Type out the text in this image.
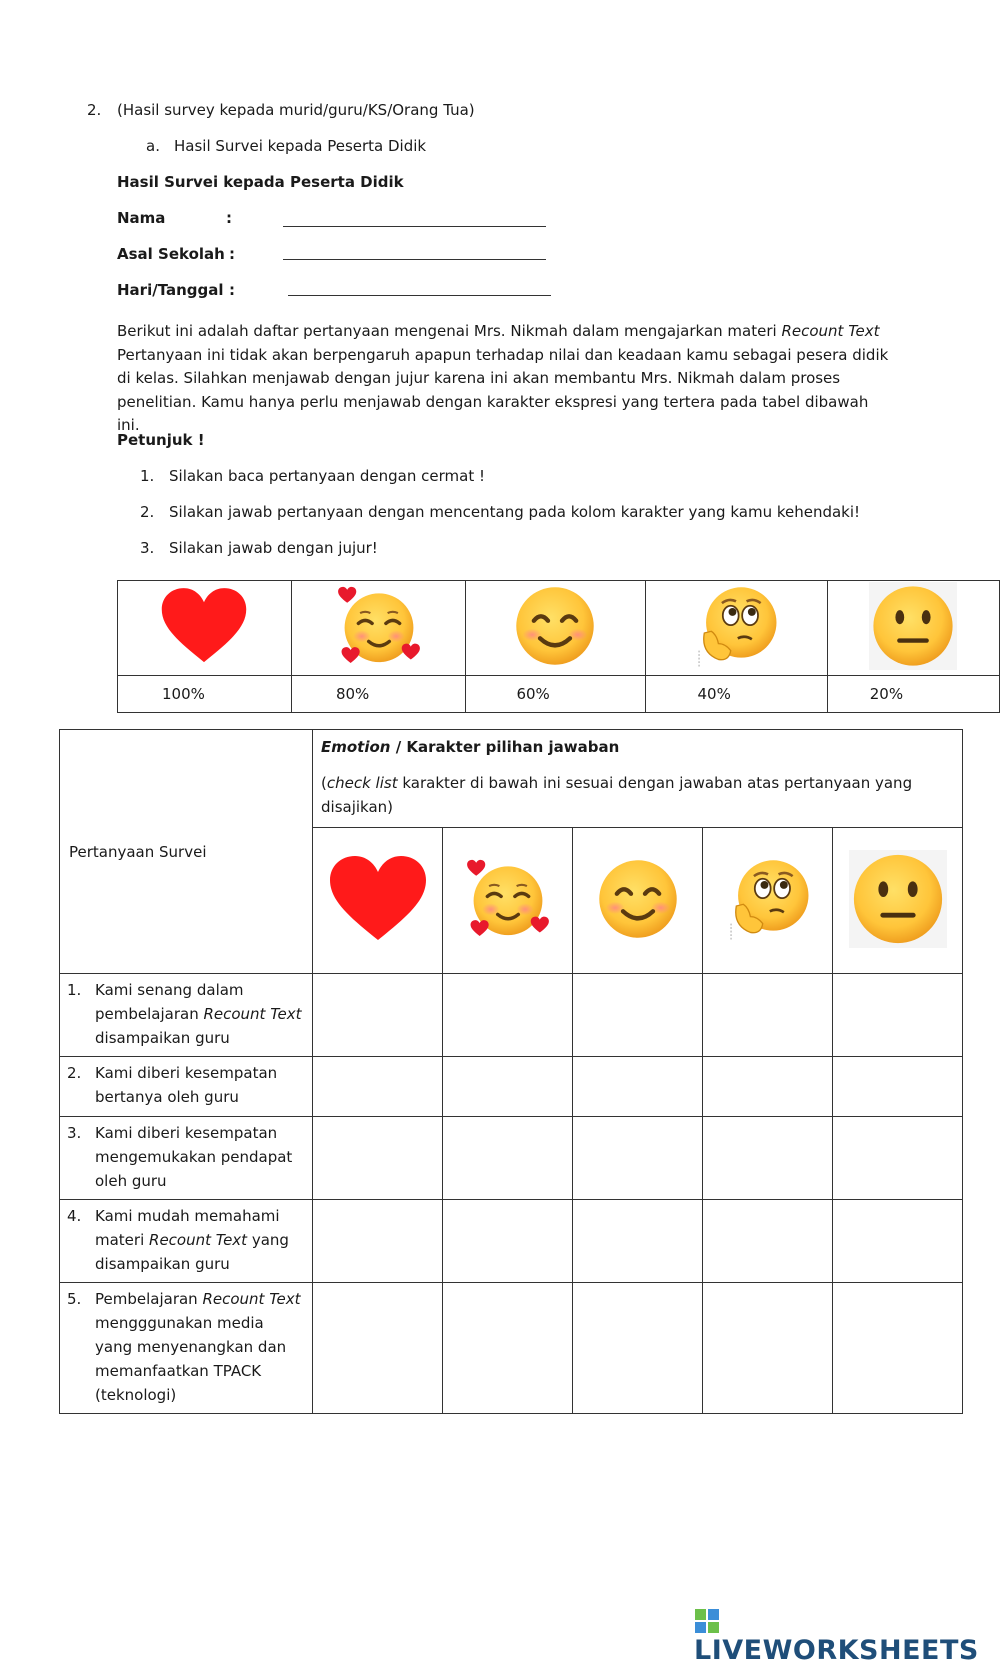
2. (Hasil survey kepada murid/guru/KS/Orang Tua)
a. Hasil Survei kepada Peserta Didik
Hasil Survei kepada Peserta Didik
Nama	:
Asal Sekolah :
Hari/Tanggal :
Berikut ini adalah daftar pertanyaan mengenai Mrs. Nikmah dalam mengajarkan materi Recount Text
Pertanyaan ini tidak akan berpengaruh apapun terhadap nilai dan keadaan kamu sebagai pesera didik di kelas. Silahkan menjawab dengan jujur karena ini akan membantu Mrs. Nikmah dalam proses penelitian. Kamu hanya perlu menjawab dengan karakter ekspresi yang tertera pada tabel dibawah ini.
Petunjuk !
1. Silakan baca pertanyaan dengan cermat !
2. Silakan jawab pertanyaan dengan mencentang pada kolom karakter yang kamu kehendaki!
3. Silakan jawab dengan jujur!

100%	80%	60%	40%	20%
Pertanyaan Survei	Emotion / Karakter pilihan jawaban
(check list karakter di bawah ini sesuai dengan jawaban atas pertanyaan yang disajikan)				

1. Kami senang dalam pembelajaran Recount Text disampaikan guru					

2. Kami diberi kesempatan bertanya oleh guru					

3. Kami diberi kesempatan mengemukakan pendapat oleh guru					

4. Kami mudah memahami materi Recount Text yang disampaikan guru					

5. Pembelajaran Recount Text mengggunakan media yang menyenangkan dan memanfaatkan TPACK (teknologi)					
LIVEWORKSHEETS
